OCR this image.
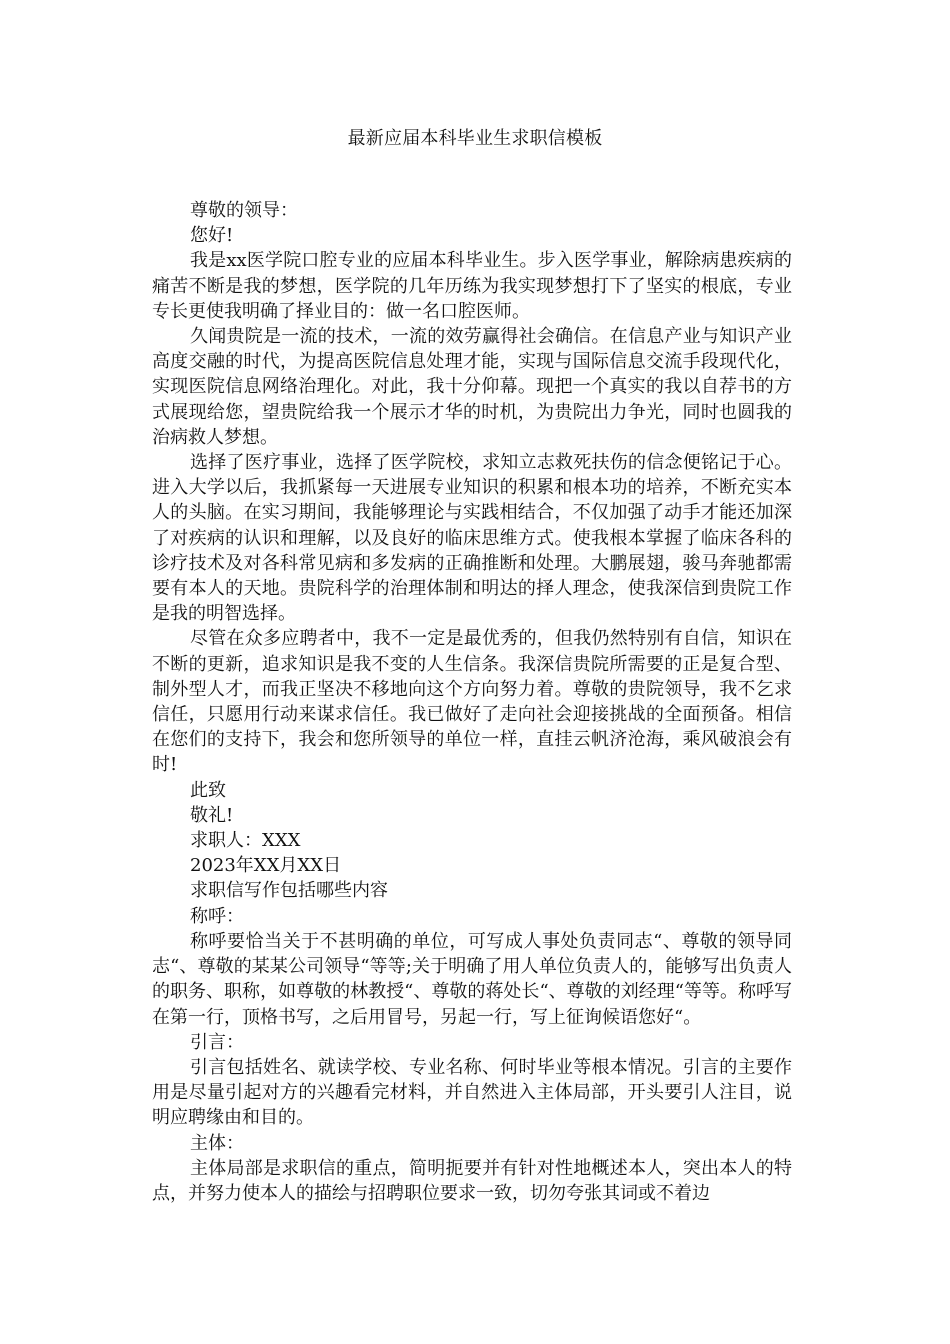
最新应届本科毕业生求职信模板

尊敬的领导：

您好!

我是xx医学院口腔专业的应届本科毕业生。步入医学事业，解除病患疾病的痛苦不断是我的梦想，医学院的几年历练为我实现梦想打下了坚实的根底，专业专长更使我明确了择业目的：做一名口腔医师。

久闻贵院是一流的技术，一流的效劳赢得社会确信。在信息产业与知识产业高度交融的时代，为提高医院信息处理才能，实现与国际信息交流手段现代化，实现医院信息网络治理化。对此，我十分仰幕。现把一个真实的我以自荐书的方式展现给您，望贵院给我一个展示才华的时机，为贵院出力争光，同时也圆我的治病救人梦想。

选择了医疗事业，选择了医学院校，求知立志救死扶伤的信念便铭记于心。进入大学以后，我抓紧每一天进展专业知识的积累和根本功的培养，不断充实本人的头脑。在实习期间，我能够理论与实践相结合，不仅加强了动手才能还加深了对疾病的认识和理解，以及良好的临床思维方式。使我根本掌握了临床各科的诊疗技术及对各科常见病和多发病的正确推断和处理。大鹏展翅，骏马奔驰都需要有本人的天地。贵院科学的治理体制和明达的择人理念，使我深信到贵院工作是我的明智选择。

尽管在众多应聘者中，我不一定是最优秀的，但我仍然特别有自信，知识在不断的更新，追求知识是我不变的人生信条。我深信贵院所需要的正是复合型、制外型人才，而我正坚决不移地向这个方向努力着。尊敬的贵院领导，我不乞求信任，只愿用行动来谋求信任。我已做好了走向社会迎接挑战的全面预备。相信在您们的支持下，我会和您所领导的单位一样，直挂云帆济沧海，乘风破浪会有时!

此致

敬礼!

求职人：XXX

2023年XX月XX日

求职信写作包括哪些内容

称呼：

称呼要恰当关于不甚明确的单位，可写成人事处负责同志“、尊敬的领导同志“、尊敬的某某公司领导“等等;关于明确了用人单位负责人的，能够写出负责人的职务、职称，如尊敬的林教授“、尊敬的蒋处长“、尊敬的刘经理“等等。称呼写在第一行，顶格书写，之后用冒号，另起一行，写上征询候语您好“。

引言：

引言包括姓名、就读学校、专业名称、何时毕业等根本情况。引言的主要作用是尽量引起对方的兴趣看完材料，并自然进入主体局部，开头要引人注目，说明应聘缘由和目的。

主体：

主体局部是求职信的重点，简明扼要并有针对性地概述本人，突出本人的特点，并努力使本人的描绘与招聘职位要求一致，切勿夸张其词或不着边
